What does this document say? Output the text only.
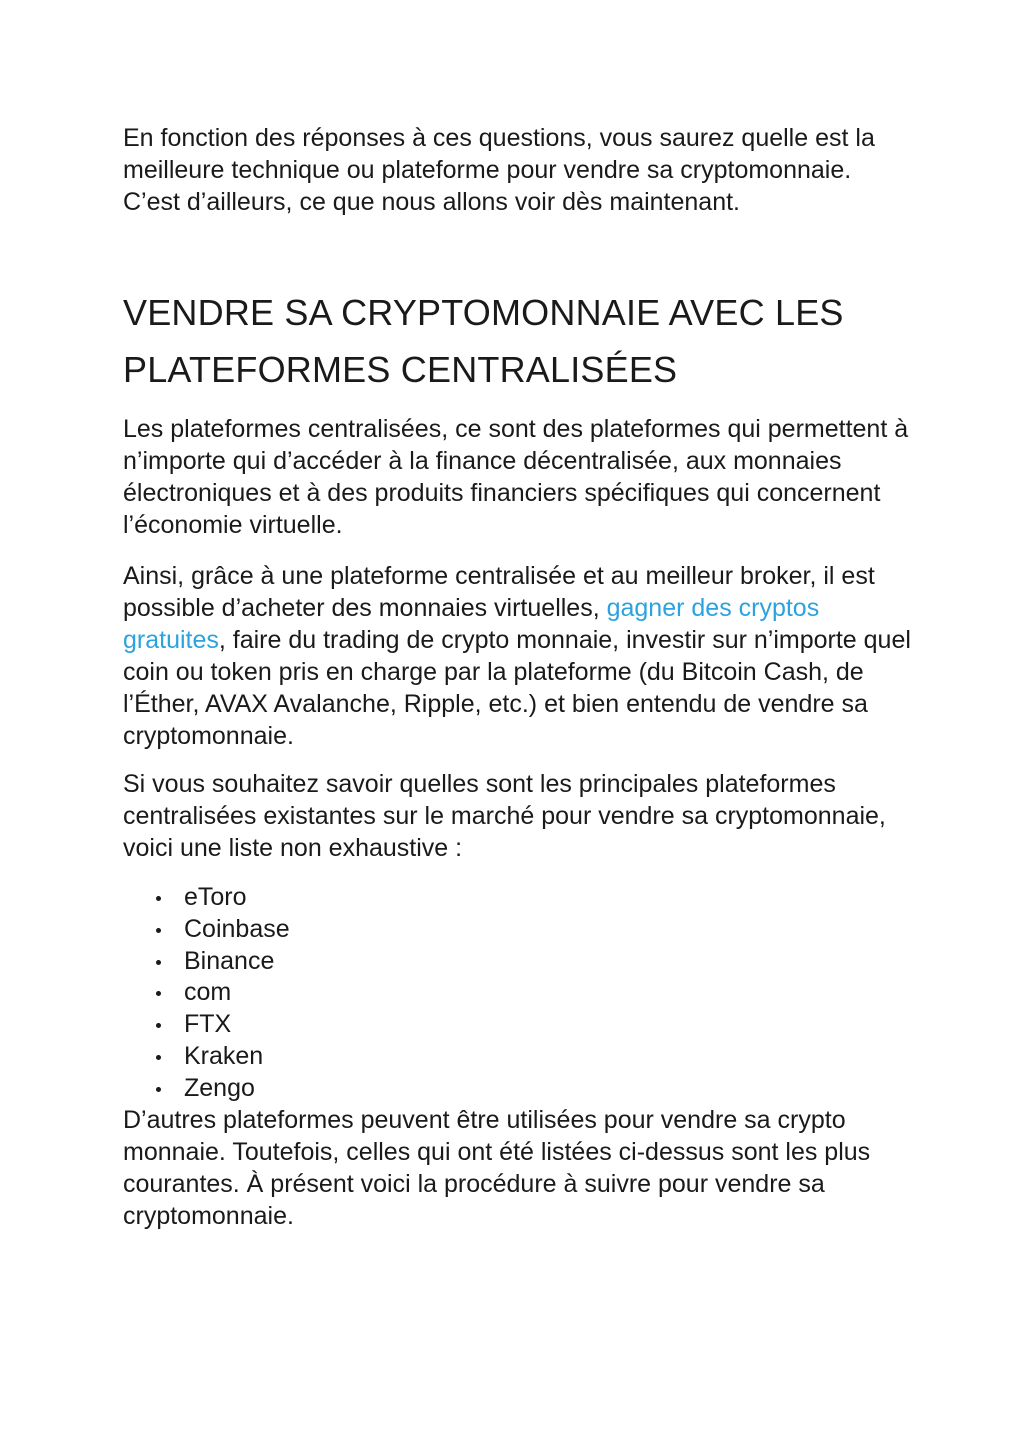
En fonction des réponses à ces questions, vous saurez quelle est la meilleure technique ou plateforme pour vendre sa cryptomonnaie. C’est d’ailleurs, ce que nous allons voir dès maintenant.

VENDRE SA CRYPTOMONNAIE AVEC LES
PLATEFORMES CENTRALISÉES

Les plateformes centralisées, ce sont des plateformes qui permettent à n’importe qui d’accéder à la finance décentralisée, aux monnaies électroniques et à des produits financiers spécifiques qui concernent l’économie virtuelle.

Ainsi, grâce à une plateforme centralisée et au meilleur broker, il est possible d’acheter des monnaies virtuelles, gagner des cryptos gratuites, faire du trading de crypto monnaie, investir sur n’importe quel coin ou token pris en charge par la plateforme (du Bitcoin Cash, de l’Éther, AVAX Avalanche, Ripple, etc.) et bien entendu de vendre sa cryptomonnaie.

Si vous souhaitez savoir quelles sont les principales plateformes centralisées existantes sur le marché pour vendre sa cryptomonnaie, voici une liste non exhaustive :

eToro
Coinbase
Binance
com
FTX
Kraken
Zengo

D’autres plateformes peuvent être utilisées pour vendre sa crypto monnaie. Toutefois, celles qui ont été listées ci-dessus sont les plus courantes. À présent voici la procédure à suivre pour vendre sa cryptomonnaie.
